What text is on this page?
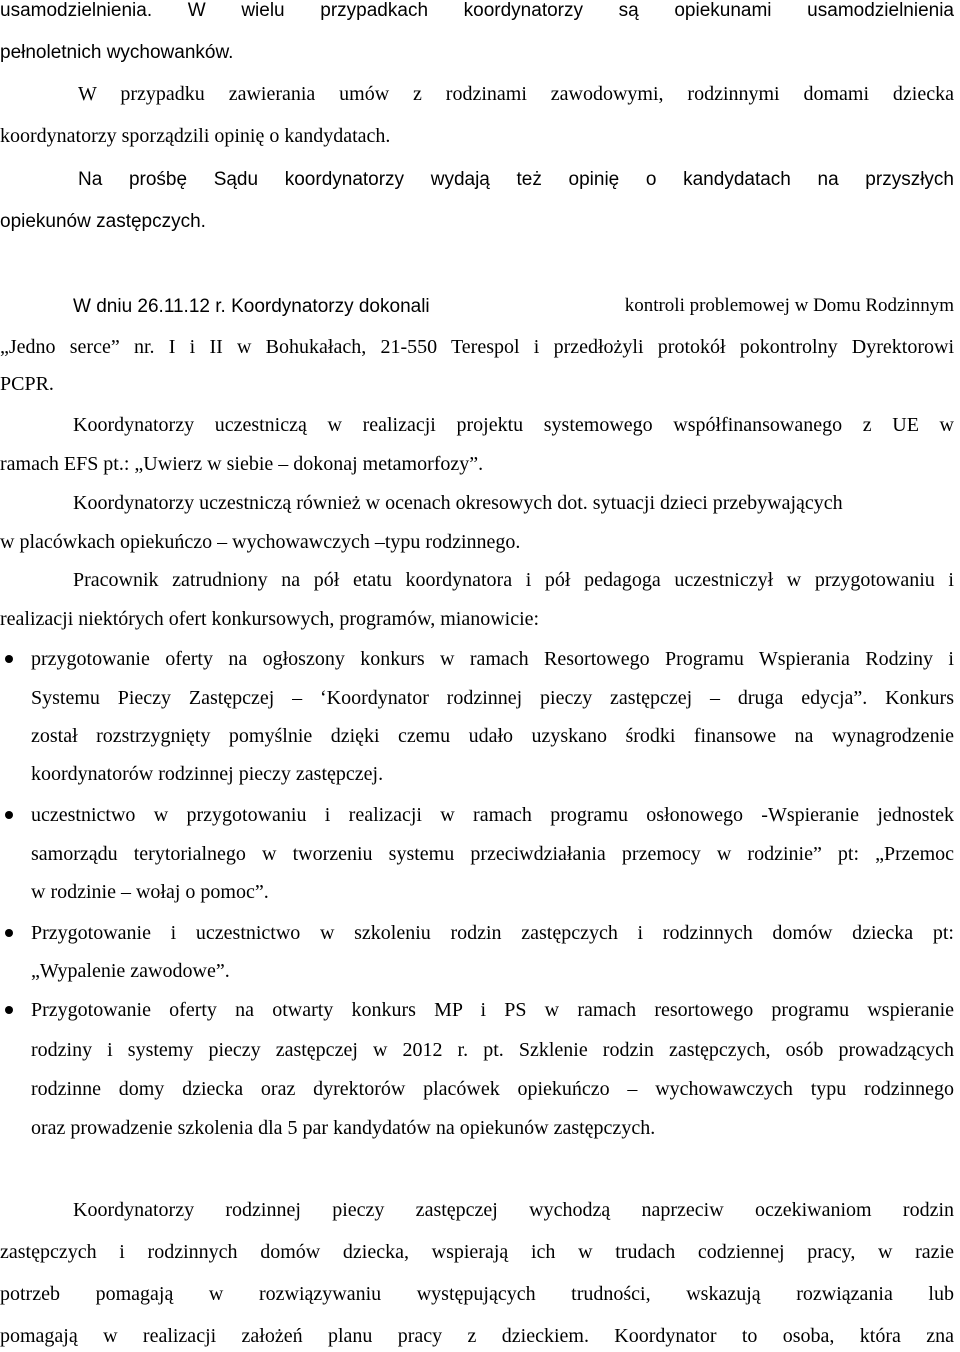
usamodzielnienia. W wielu przypadkach koordynatorzy są opiekunami usamodzielnienia
pełnoletnich wychowanków.
W przypadku zawierania umów z rodzinami zawodowymi, rodzinnymi domami dziecka
koordynatorzy sporządzili opinię o kandydatach.
Na prośbę Sądu koordynatorzy wydają też opinię o kandydatach na przyszłych
opiekunów zastępczych.
W dniu 26.11.12 r. Koordynatorzy dokonali	kontroli problemowej w Domu Rodzinnym
„Jedno serce” nr. I i II w Bohukałach, 21-550 Terespol i przedłożyli protokół pokontrolny Dyrektorowi
PCPR.
Koordynatorzy uczestniczą w realizacji projektu systemowego współfinansowanego z UE w
ramach EFS pt.: „Uwierz w siebie – dokonaj metamorfozy”.
Koordynatorzy uczestniczą również w ocenach okresowych dot. sytuacji dzieci przebywających
w placówkach opiekuńczo – wychowawczych –typu rodzinnego.
Pracownik zatrudniony na pół etatu koordynatora i pół pedagoga uczestniczył w przygotowaniu i
realizacji niektórych ofert konkursowych, programów, mianowicie:
przygotowanie oferty na ogłoszony konkurs w ramach Resortowego Programu Wspierania Rodziny i
Systemu Pieczy Zastępczej – ‘Koordynator rodzinnej pieczy zastępczej – druga edycja”. Konkurs
został rozstrzygnięty pomyślnie dzięki czemu udało uzyskano środki finansowe na wynagrodzenie
koordynatorów rodzinnej pieczy zastępczej.
uczestnictwo w przygotowaniu i realizacji w ramach programu osłonowego -Wspieranie jednostek
samorządu terytorialnego w tworzeniu systemu przeciwdziałania przemocy w rodzinie” pt: „Przemoc
w rodzinie – wołaj o pomoc”.
Przygotowanie i uczestnictwo w szkoleniu rodzin zastępczych i rodzinnych domów dziecka pt:
„Wypalenie zawodowe”.
Przygotowanie oferty na otwarty konkurs MP i PS w ramach resortowego programu wspieranie
rodziny i systemy pieczy zastępczej w 2012 r. pt. Szklenie rodzin zastępczych, osób prowadzących
rodzinne domy dziecka oraz dyrektorów placówek opiekuńczo – wychowawczych typu rodzinnego
oraz prowadzenie szkolenia dla 5 par kandydatów na opiekunów zastępczych.
Koordynatorzy rodzinnej pieczy zastępczej wychodzą naprzeciw oczekiwaniom rodzin
zastępczych i rodzinnych domów dziecka, wspierają ich w trudach codziennej pracy, w razie
potrzeb pomagają w rozwiązywaniu występujących trudności, wskazują rozwiązania lub
pomagają w realizacji założeń planu pracy z dzieckiem. Koordynator to osoba, która zna
